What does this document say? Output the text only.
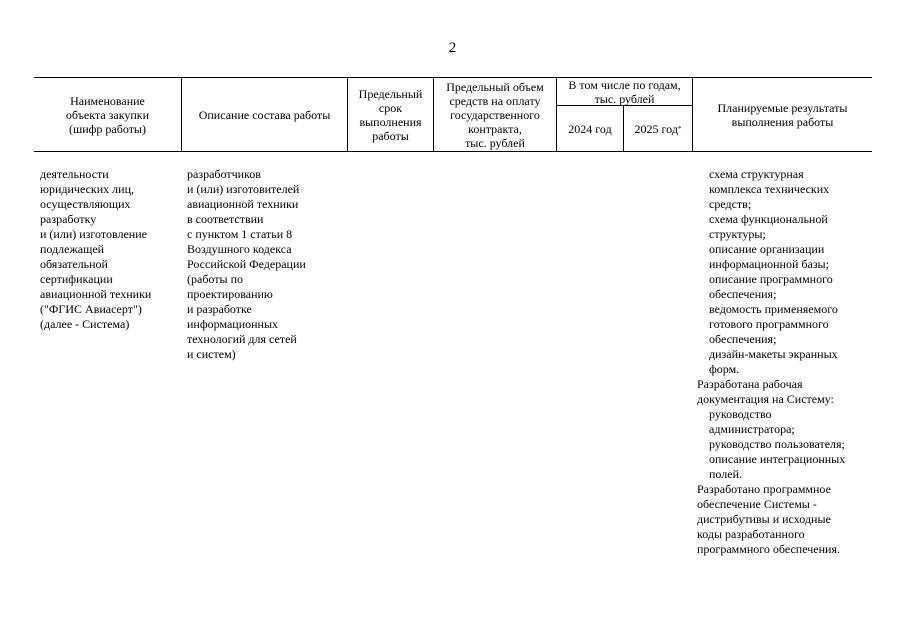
2
Наименование
объекта закупки
(шифр работы)
Описание состава работы
Предельный
срок
выполнения
работы
Предельный объем
средств на оплату
государственного
контракта,
тыс. рублей
В том числе по годам,
тыс. рублей
2024 год	2025 год *
Планируемые результаты
выполнения работы

деятельности
юридических лиц,
осуществляющих
разработку
и (или) изготовление
подлежащей
обязательной
сертификации
авиационной техники
("ФГИС Авиасерт")
(далее - Система)

разработчиков
и (или) изготовителей
авиационной техники
в соответствии
с пунктом 1 статьи 8
Воздушного кодекса
Российской Федерации
(работы по
проектированию
и разработке
информационных
технологий для сетей
и систем)

схема структурная
комплекса технических
средств;
схема функциональной
структуры;
описание организации
информационной базы;
описание программного
обеспечения;
ведомость применяемого
готового программного
обеспечения;
дизайн-макеты экранных
форм.
Разработана рабочая
документация на Систему:
руководство
администратора;
руководство пользователя;
описание интеграционных
полей.
Разработано программное
обеспечение Системы -
дистрибутивы и исходные
коды разработанного
программного обеспечения.
